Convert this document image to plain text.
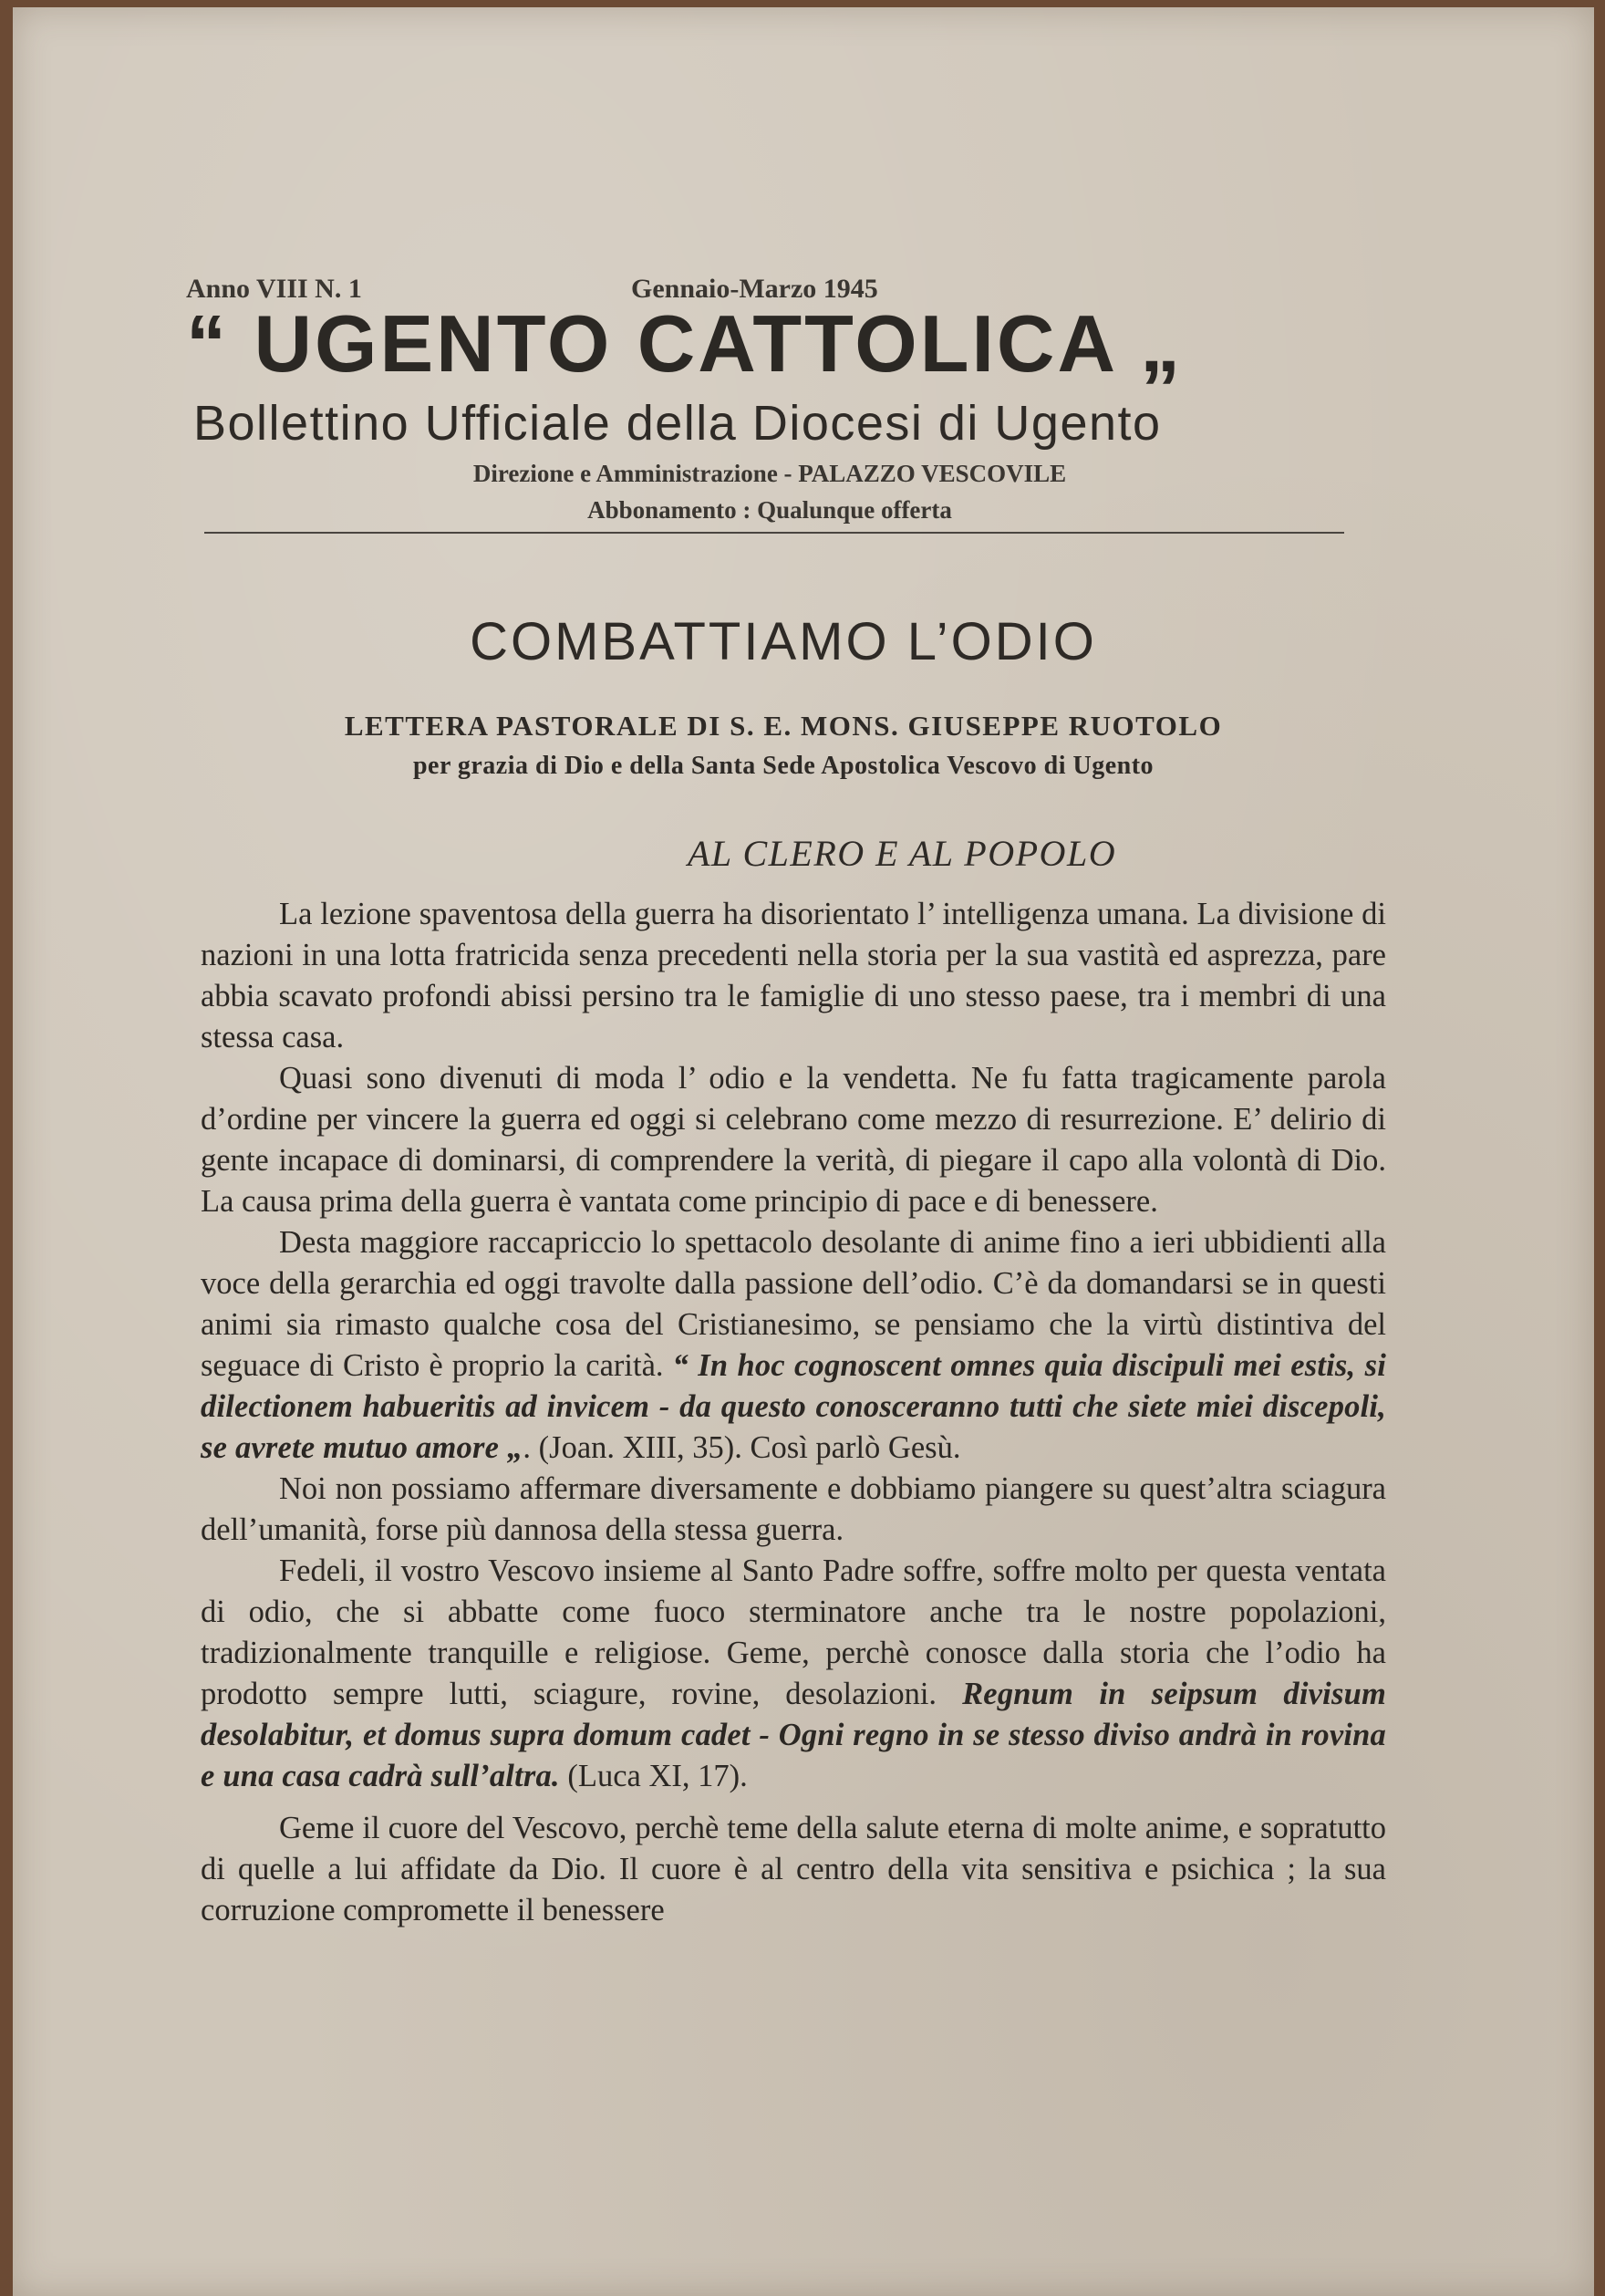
Anno VIII N. 1	Gennaio-Marzo 1945
“ UGENTO CATTOLICA „
Bollettino Ufficiale della Diocesi di Ugento
Direzione e Amministrazione - PALAZZO VESCOVILE
Abbonamento : Qualunque offerta
COMBATTIAMO L’ODIO
LETTERA PASTORALE DI S. E. MONS. GIUSEPPE RUOTOLO
per grazia di Dio e della Santa Sede Apostolica Vescovo di Ugento
AL CLERO E AL POPOLO

La lezione spaventosa della guerra ha disorientato l’ intelligenza umana. La divisione di nazioni in una lotta fratricida senza precedenti nella storia per la sua vastità ed asprezza, pare abbia scavato profondi abissi persino tra le famiglie di uno stesso paese, tra i membri di una stessa casa.

Quasi sono divenuti di moda l’ odio e la vendetta. Ne fu fatta tragicamente parola d’ordine per vincere la guerra ed oggi si celebrano come mezzo di resurrezione. E’ delirio di gente incapace di dominarsi, di comprendere la verità, di piegare il capo alla volontà di Dio. La causa prima della guerra è vantata come principio di pace e di benessere.

Desta maggiore raccapriccio lo spettacolo desolante di anime fino a ieri ubbidienti alla voce della gerarchia ed oggi travolte dalla passione dell’odio. C’è da domandarsi se in questi animi sia rimasto qualche cosa del Cristianesimo, se pensiamo che la virtù distintiva del seguace di Cristo è proprio la carità. “ In hoc cognoscent omnes quia discipuli mei estis, si dilectionem habueritis ad invicem - da questo conosceranno tutti che siete miei discepoli, se avrete mutuo amore „. (Joan. XIII, 35). Così parlò Gesù.

Noi non possiamo affermare diversamente e dobbiamo piangere su quest’altra sciagura dell’umanità, forse più dannosa della stessa guerra.

Fedeli, il vostro Vescovo insieme al Santo Padre soffre, soffre molto per questa ventata di odio, che si abbatte come fuoco sterminatore anche tra le nostre popolazioni, tradizionalmente tranquille e religiose. Geme, perchè conosce dalla storia che l’odio ha prodotto sempre lutti, sciagure, rovine, desolazioni. Regnum in seipsum divisum desolabitur, et domus supra domum cadet - Ogni regno in se stesso diviso andrà in rovina e una casa cadrà sull’altra. (Luca XI, 17).

Geme il cuore del Vescovo, perchè teme della salute eterna di molte anime, e sopratutto di quelle a lui affidate da Dio. Il cuore è al centro della vita sensitiva e psichica ; la sua corruzione compromette il benessere
